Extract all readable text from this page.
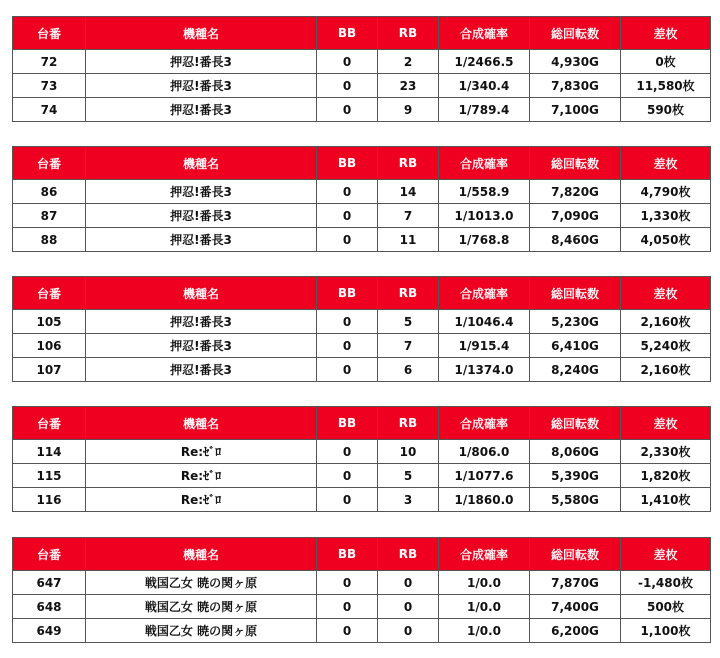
台番	機種名	BB	RB	合成確率	総回転数	差枚
72	押忍!番長3	0	2	1/2466.5	4,930G	0枚
73	押忍!番長3	0	23	1/340.4	7,830G	11,580枚
74	押忍!番長3	0	9	1/789.4	7,100G	590枚
台番	機種名	BB	RB	合成確率	総回転数	差枚
86	押忍!番長3	0	14	1/558.9	7,820G	4,790枚
87	押忍!番長3	0	7	1/1013.0	7,090G	1,330枚
88	押忍!番長3	0	11	1/768.8	8,460G	4,050枚
台番	機種名	BB	RB	合成確率	総回転数	差枚
105	押忍!番長3	0	5	1/1046.4	5,230G	2,160枚
106	押忍!番長3	0	7	1/915.4	6,410G	5,240枚
107	押忍!番長3	0	6	1/1374.0	8,240G	2,160枚
台番	機種名	BB	RB	合成確率	総回転数	差枚
114	Re:ｾﾞﾛ	0	10	1/806.0	8,060G	2,330枚
115	Re:ｾﾞﾛ	0	5	1/1077.6	5,390G	1,820枚
116	Re:ｾﾞﾛ	0	3	1/1860.0	5,580G	1,410枚
台番	機種名	BB	RB	合成確率	総回転数	差枚
647	戦国乙女 暁の関ヶ原	0	0	1/0.0	7,870G	-1,480枚
648	戦国乙女 暁の関ヶ原	0	0	1/0.0	7,400G	500枚
649	戦国乙女 暁の関ヶ原	0	0	1/0.0	6,200G	1,100枚
